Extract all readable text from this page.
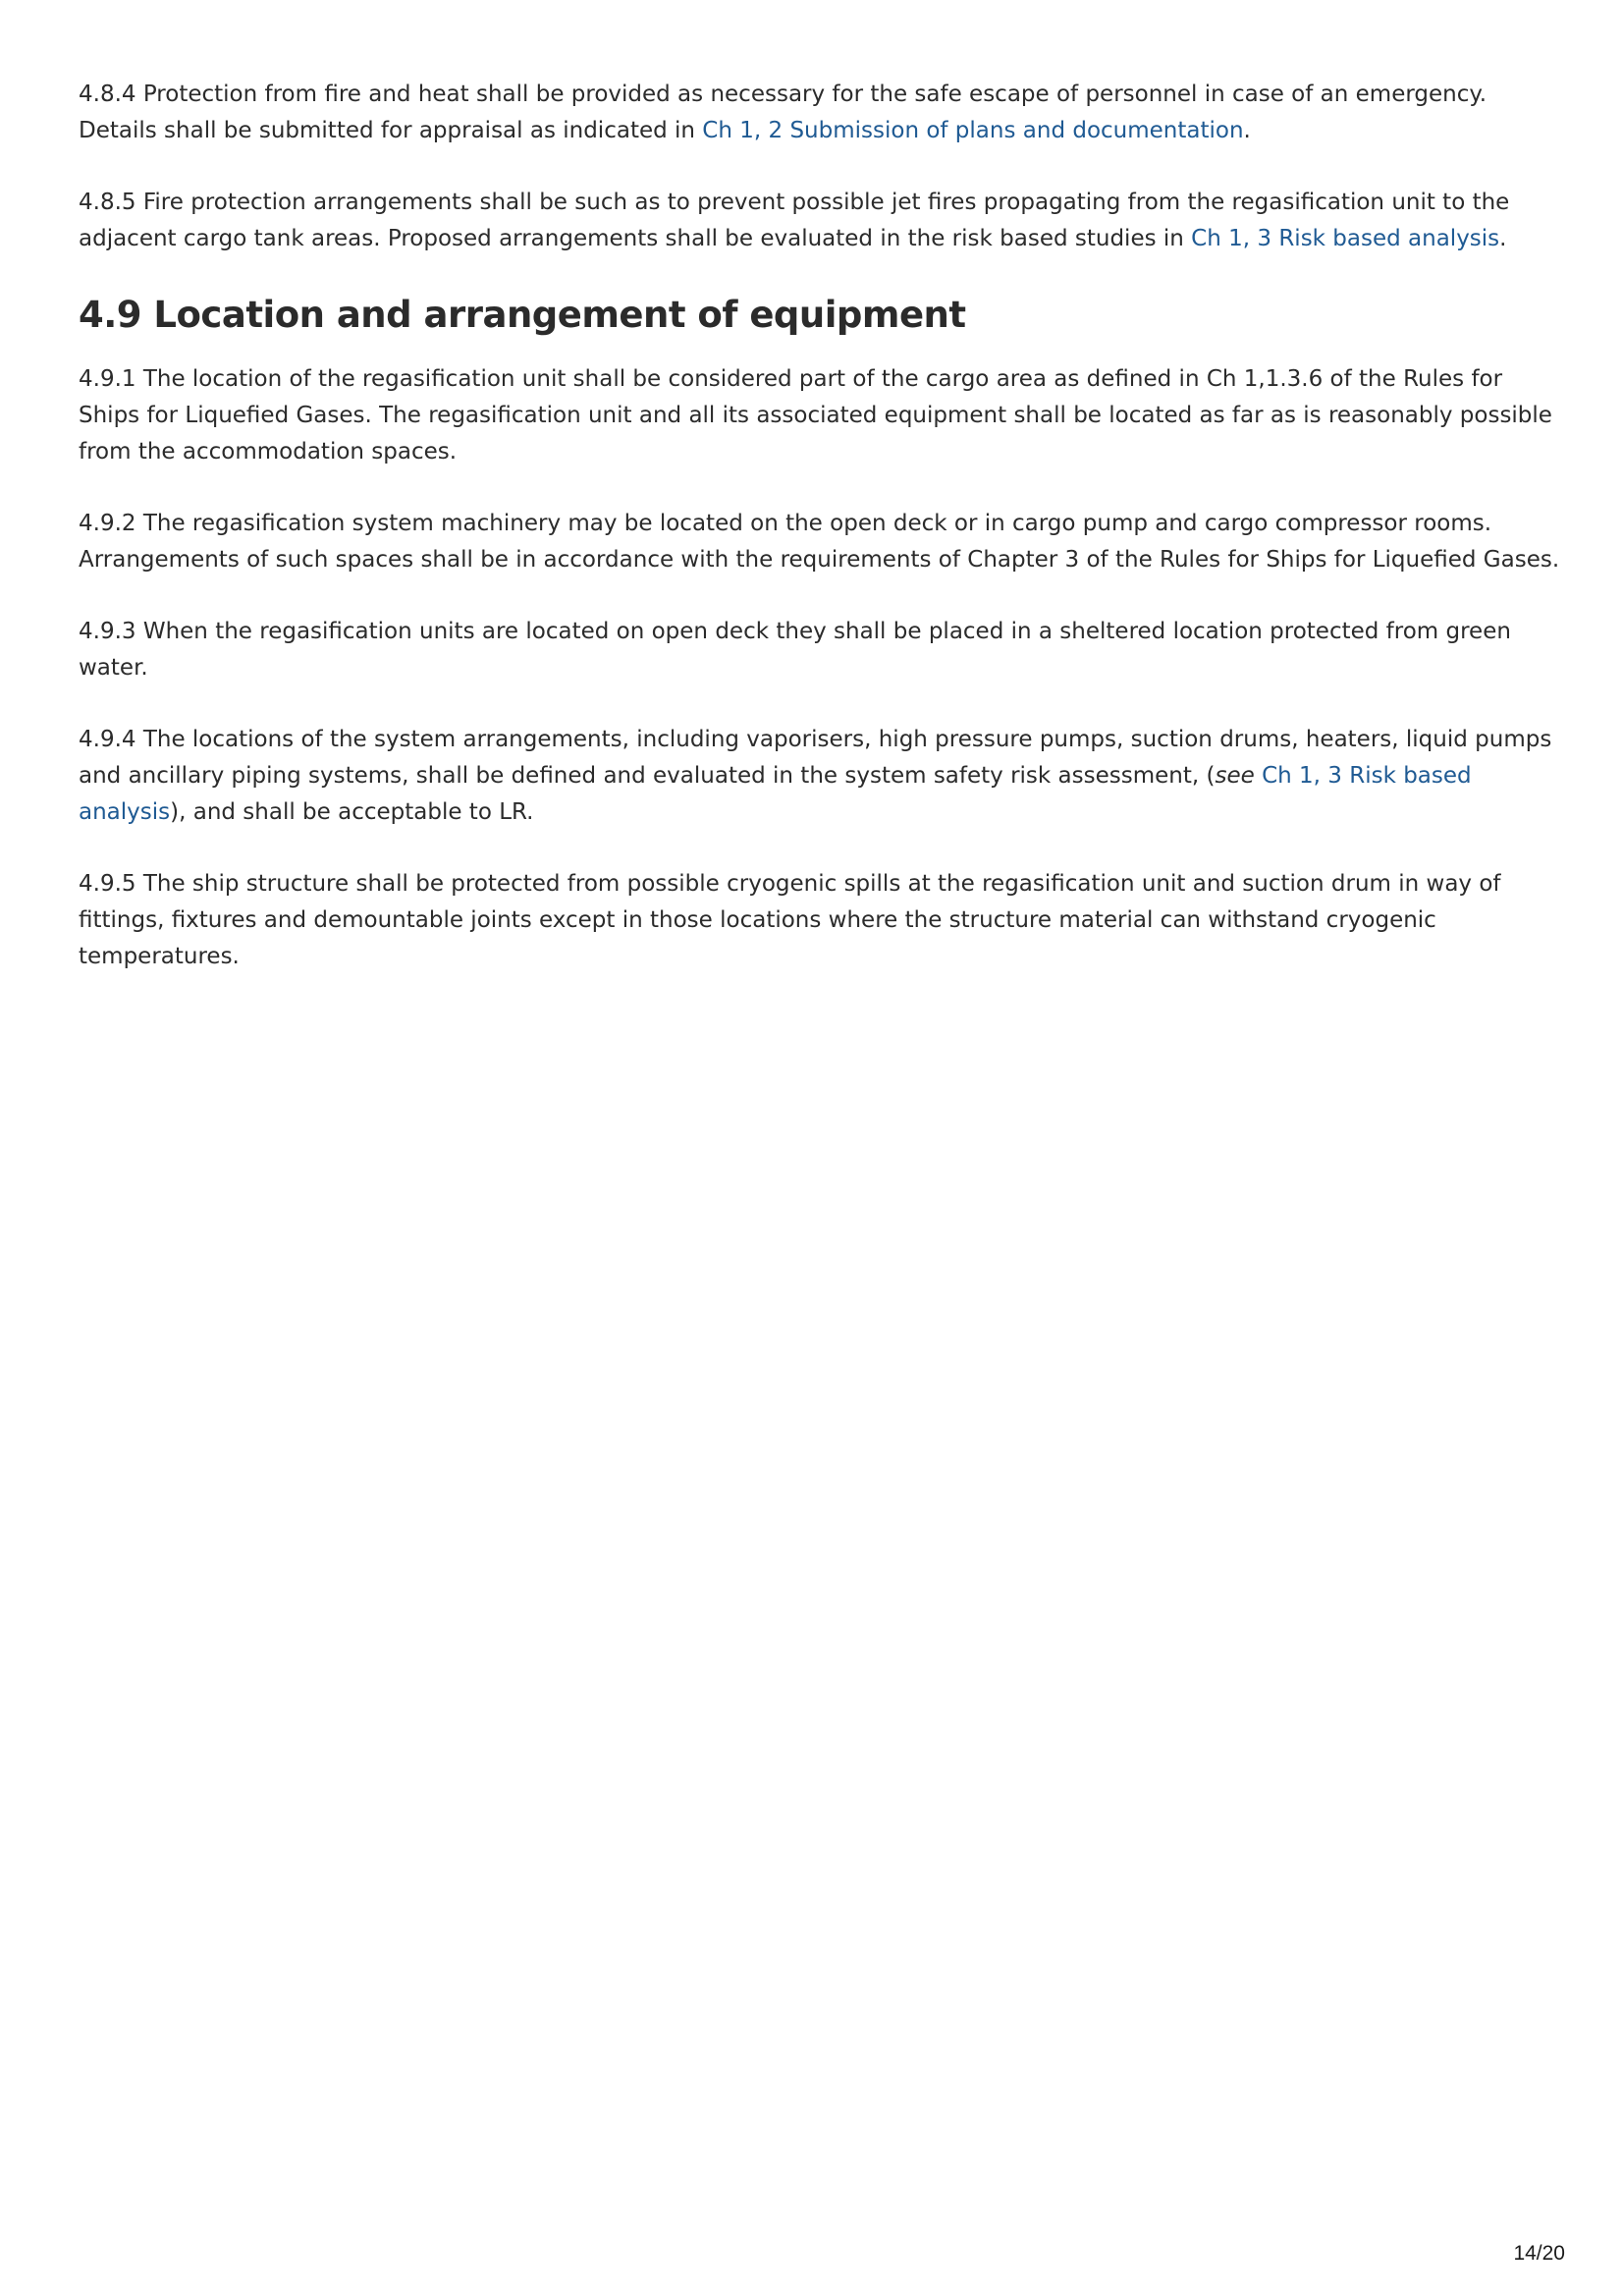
4.8.4 Protection from fire and heat shall be provided as necessary for the safe escape of personnel in case of an emergency. Details shall be submitted for appraisal as indicated in Ch 1, 2 Submission of plans and documentation.

4.8.5 Fire protection arrangements shall be such as to prevent possible jet fires propagating from the regasification unit to the adjacent cargo tank areas. Proposed arrangements shall be evaluated in the risk based studies in Ch 1, 3 Risk based analysis.

4.9 Location and arrangement of equipment

4.9.1 The location of the regasification unit shall be considered part of the cargo area as defined in Ch 1,1.3.6 of the Rules for Ships for Liquefied Gases. The regasification unit and all its associated equipment shall be located as far as is reasonably possible from the accommodation spaces.

4.9.2 The regasification system machinery may be located on the open deck or in cargo pump and cargo compressor rooms. Arrangements of such spaces shall be in accordance with the requirements of Chapter 3 of the Rules for Ships for Liquefied Gases.

4.9.3 When the regasification units are located on open deck they shall be placed in a sheltered location protected from green water.

4.9.4 The locations of the system arrangements, including vaporisers, high pressure pumps, suction drums, heaters, liquid pumps and ancillary piping systems, shall be defined and evaluated in the system safety risk assessment, (see Ch 1, 3 Risk based analysis), and shall be acceptable to LR.

4.9.5 The ship structure shall be protected from possible cryogenic spills at the regasification unit and suction drum in way of fittings, fixtures and demountable joints except in those locations where the structure material can withstand cryogenic temperatures.

14/20
